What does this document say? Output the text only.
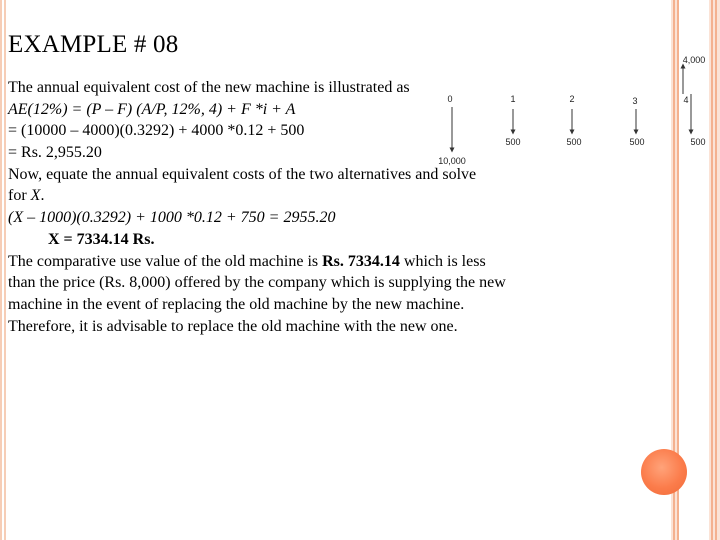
EXAMPLE # 08
The annual equivalent cost of the new machine is illustrated as
AE(12%) = (P – F) (A/P, 12%, 4) + F *i + A
= (10000 – 4000)(0.3292) + 4000 *0.12 + 500
= Rs. 2,955.20
Now, equate the annual equivalent costs of the two alternatives and solve
for X.
(X – 1000)(0.3292) + 1000 *0.12 + 750 = 2955.20
X = 7334.14 Rs.
The comparative use value of the old machine is Rs. 7334.14 which is less
than the price (Rs. 8,000) offered by the company which is supplying the new
machine in the event of replacing the old machine by the new machine.
Therefore, it is advisable to replace the old machine with the new one.
0	1	2	3	4
10,000
500	500	500	500
4,000
